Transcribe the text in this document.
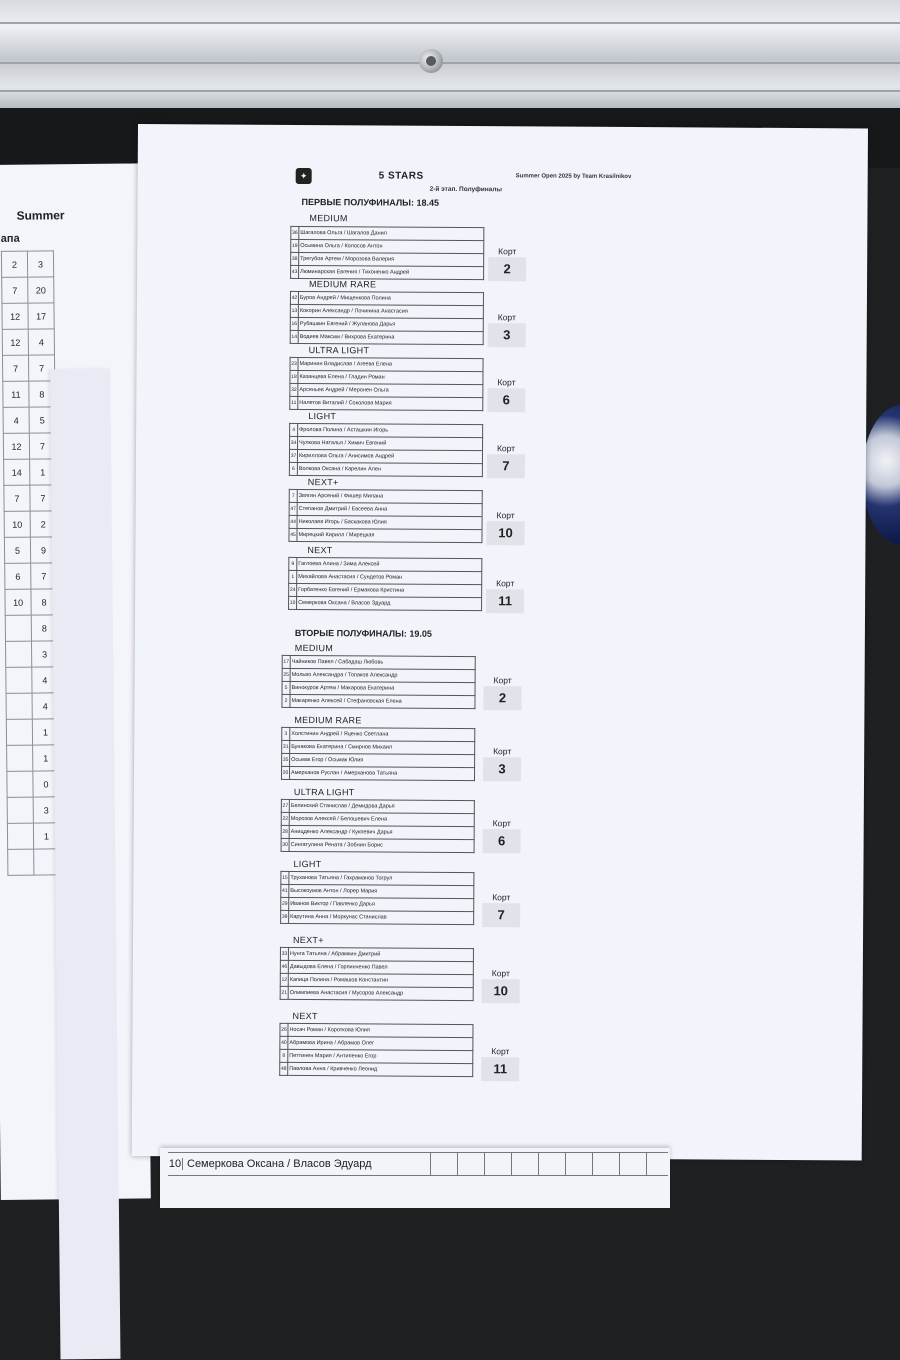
Summer
апа
2	3
7	20
12	17
12	4
7	7
11	8
4	5
12	7
14	1
7	7
10	2
5	9
6	7
10	8
	8
	3
	4
	4
	1
	1
	0
	3
	1

✦	5 STARS	Summer Open 2025 by Team Krasilnikov
2-й этап. Полуфиналы
ПЕРВЫЕ ПОЛУФИНАЛЫ: 18.45
ВТОРЫЕ ПОЛУФИНАЛЫ: 19.05
MEDIUM
36	Шагалова Ольга / Шагалов Данил
19	Осьмина Ольга / Колосов Антон
38	Трегубов Артем / Морозова Валерия
43	Люминарская Евгения / Тихоненко Андрей
Корт
2
MEDIUM RARE
42	Буров Андрей / Мищенкова Полина
13	Кокорин Александр / Починина Анастасия
16	Рубашкин Евгений / Жуланова Дарья
14	Водиев Максим / Вихрова Екатерина
Корт
3
ULTRA LIGHT
23	Маринин Владислав / Агеева Елена
18	Казанцева Елена / Гладин Роман
32	Арсеньев Андрей / Меронен Ольга
11	Налетов Виталий / Соколова Мария
Корт
6
LIGHT
4	Фролова Полина / Асташкин Игорь
34	Чулкова Наталья / Химич Евгений
37	Кириллова Ольга / Анисимов Андрей
6	Волкова Оксана / Карелин Ален
Корт
7
NEXT+
7	Звягин Арсений / Фишер Милана
47	Степанов Дмитрий / Евсеева Анна
44	Николаев Игорь / Баскакова Юлия
45	Мирецкий Кирилл / Мирецкая
Корт
10
NEXT
9	Гаглоева Алина / Зима Алексей
1	Михайлова Анастасия / Сундетов Роман
24	Горбатенко Евгений / Ермакова Кристина
10	Семеркова Оксана / Власов Эдуард
Корт
11
MEDIUM
17	Чайников Павел / Сабадаш Любовь
25	Мольво Александра / Топаков Александр
5	Винокуров Артем / Макарова Екатерина
2	Макаренко Алексей / Стефановская Елена
Корт
2
MEDIUM RARE
3	Холстинин Андрей / Яценко Светлана
31	Бунакова Екатерина / Смирнов Михаил
35	Осьмак Егор / Осьмак Юлия
20	Амерханов Руслан / Амерханова Татьяна
Корт
3
ULTRA LIGHT
27	Белинский Станислав / Демидова Дарья
22	Морозов Алексей / Белошевич Елена
28	Аницденко Александр / Кукпевич Дарья
30	Сингатулина Рената / Зобнин Борис
Корт
6
LIGHT
15	Труханова Татьяна / Гахраманов Тогрул
41	Высокоумов Антон / Лорер Мария
29	Иванов Виктор / Павленко Дарья
39	Карутина Анна / Моркунас Станислав
Корт
7
NEXT+
33	Нунга Татьяна / Абрамкин Дмитрий
46	Давыдова Елена / Горпинченко Павел
12	Капица Полина / Ромашов Константин
21	Олимпиева Анастасия / Мусоров Александр
Корт
10
NEXT
26	Носач Роман / Короткова Юлия
40	Абрамова Ирина / Абрамов Олег
8	Петтинен Мария / Антипенко Егор
48	Павлова Анна / Кривченко Леонид
Корт
11
10 Семеркова Оксана / Власов Эдуард
